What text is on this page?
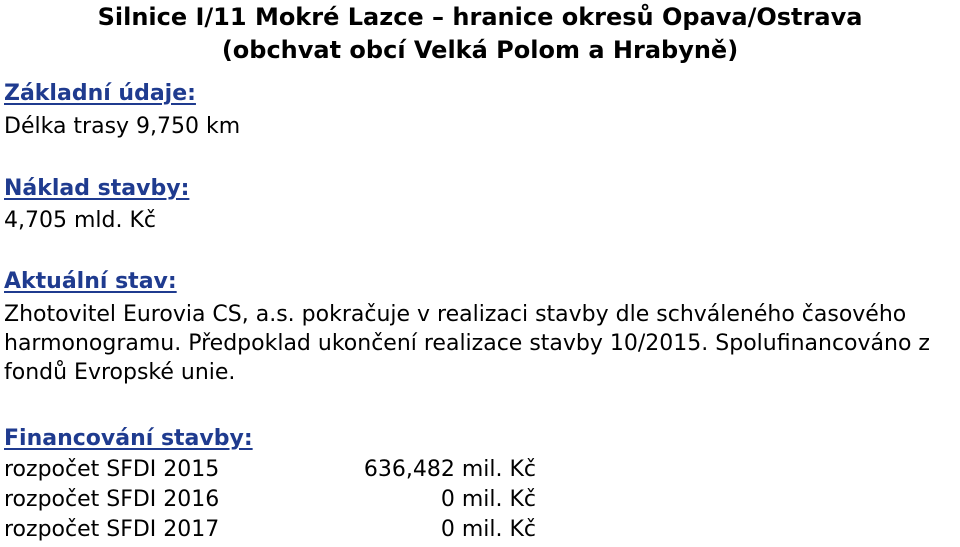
Silnice I/11 Mokré Lazce – hranice okresů Opava/Ostrava
(obchvat obcí Velká Polom a Hrabyně)
Základní údaje:
Délka trasy 9,750 km
Náklad stavby:
4,705 mld. Kč
Aktuální stav:
Zhotovitel Eurovia CS, a.s. pokračuje v realizaci stavby dle schváleného časového
harmonogramu. Předpoklad ukončení realizace stavby 10/2015. Spolufinancováno z
fondů Evropské unie.
Financování stavby:
rozpočet SFDI 2015	636,482 mil. Kč
rozpočet SFDI 2016	0 mil. Kč
rozpočet SFDI 2017	0 mil. Kč
